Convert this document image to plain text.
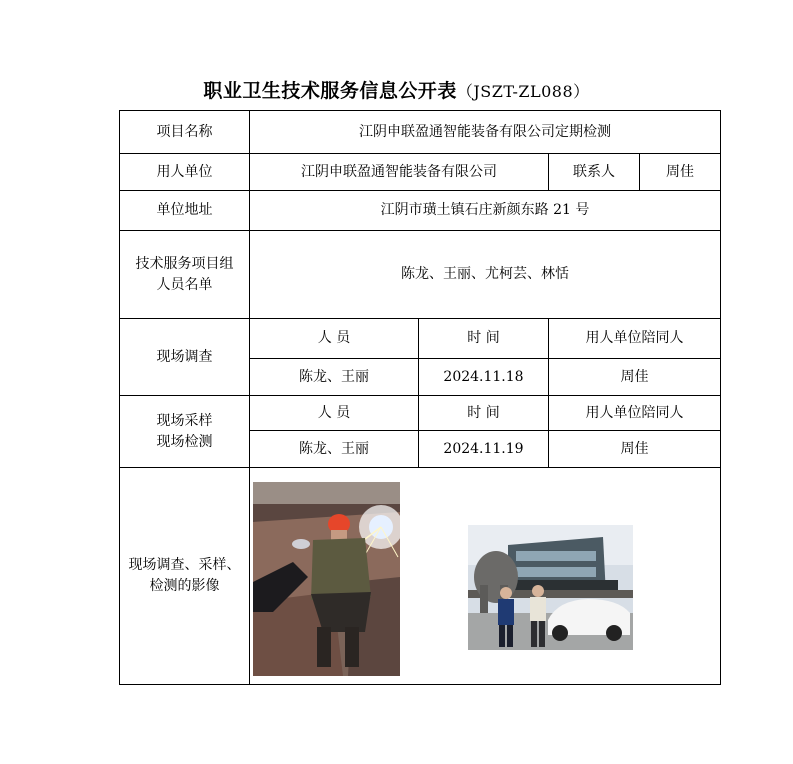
职业卫生技术服务信息公开表（JSZT-ZL088）
项目名称	江阴申联盈通智能装备有限公司定期检测			
用人单位	江阴申联盈通智能装备有限公司		联系人	周佳
单位地址	江阴市璜土镇石庄新颜东路 21 号			

技术服务项目组
人员名单	陈龙、王丽、尤柯芸、林恬			
现场调查	人 员	时 间	用人单位陪同人	
	陈龙、王丽	2024.11.18	周佳	

现场采样
现场检测	人 员	时 间	用人单位陪同人	
	陈龙、王丽	2024.11.19	周佳	

现场调查、采样、
检测的影像
